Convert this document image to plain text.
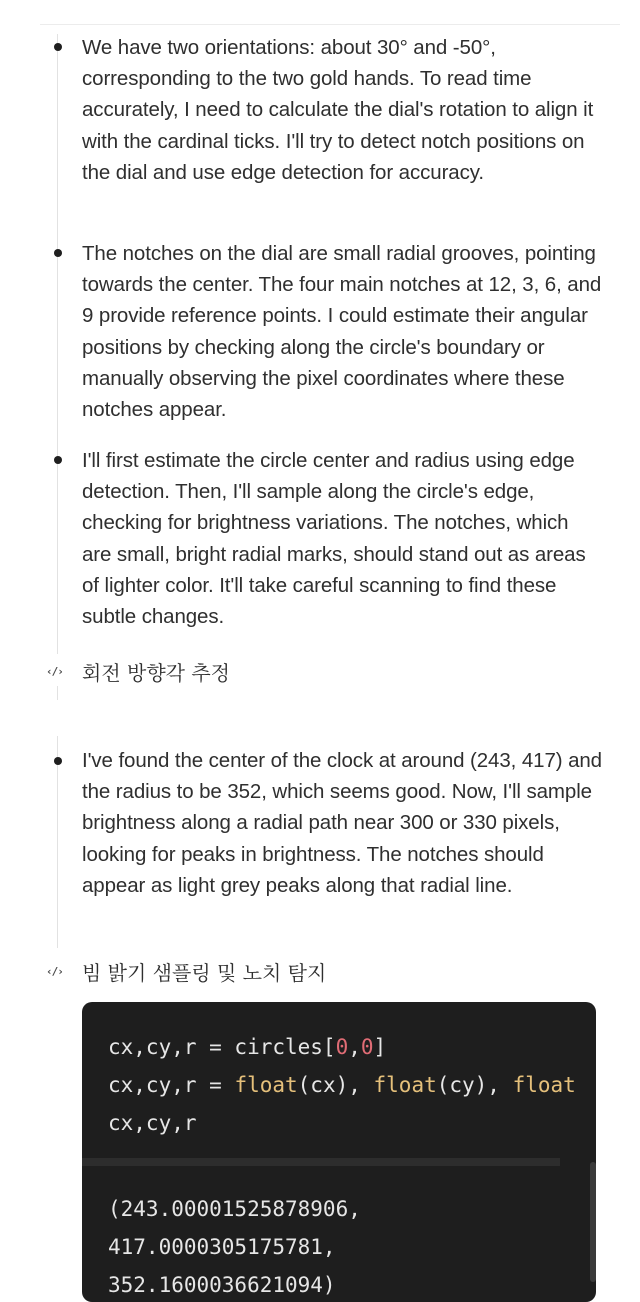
We have two orientations: about 30° and -50°, corresponding to the two gold hands. To read time accurately, I need to calculate the dial's rotation to align it with the cardinal ticks. I'll try to detect notch positions on the dial and use edge detection for accuracy.

The notches on the dial are small radial grooves, pointing towards the center. The four main notches at 12, 3, 6, and 9 provide reference points. I could estimate their angular positions by checking along the circle's boundary or manually observing the pixel coordinates where these notches appear.

I'll first estimate the circle center and radius using edge detection. Then, I'll sample along the circle's edge, checking for brightness variations. The notches, which are small, bright radial marks, should stand out as areas of lighter color. It'll take careful scanning to find these subtle changes.

‹/› 회전 방향각 추정

I've found the center of the clock at around (243, 417) and the radius to be 352, which seems good. Now, I'll sample brightness along a radial path near 300 or 330 pixels, looking for peaks in brightness. The notches should appear as light grey peaks along that radial line.

‹/› 빔 밝기 샘플링 및 노치 탐지
cx,cy,r = circles[0,0]
cx,cy,r = float(cx), float(cy), float
cx,cy,r
(243.00001525878906,
417.0000305175781,
352.1600036621094)
